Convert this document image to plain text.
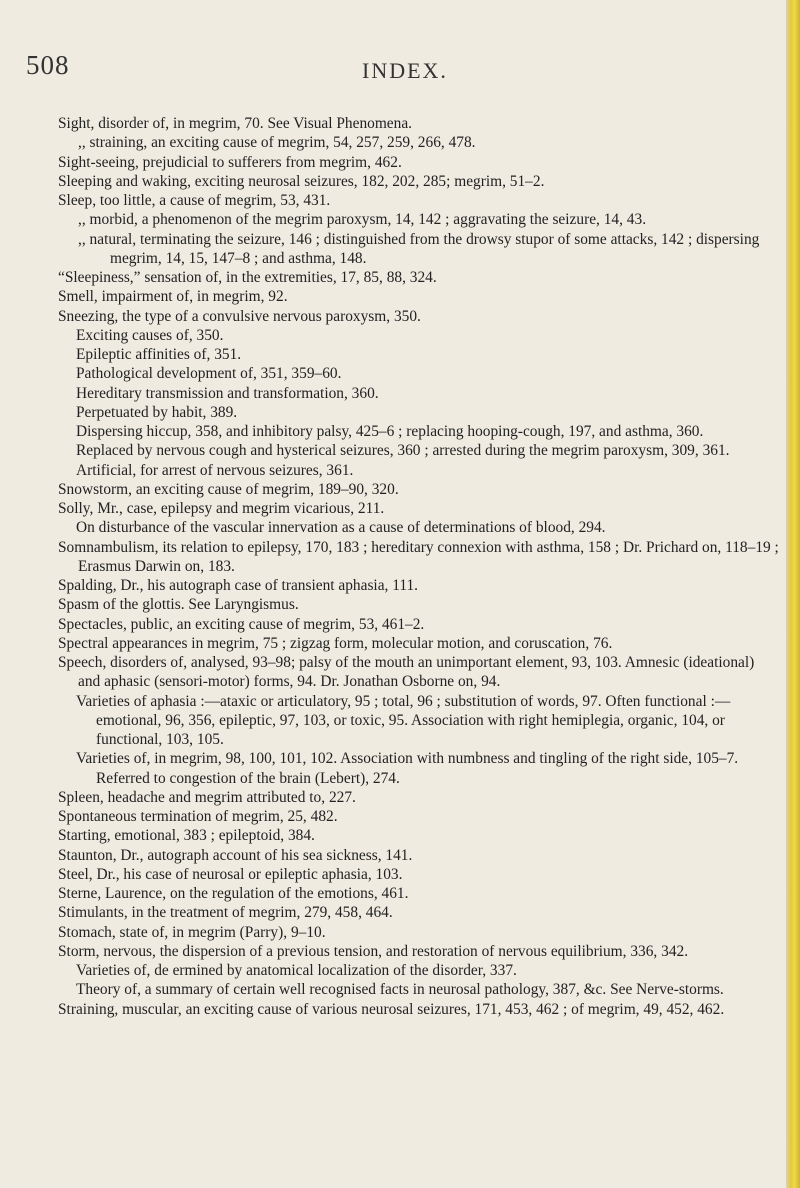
508	INDEX.

Sight, disorder of, in megrim, 70. See Visual Phenomena.

,, straining, an exciting cause of megrim, 54, 257, 259, 266, 478.

Sight-seeing, prejudicial to sufferers from megrim, 462.

Sleeping and waking, exciting neurosal seizures, 182, 202, 285; megrim, 51–2.

Sleep, too little, a cause of megrim, 53, 431.

,, morbid, a phenomenon of the megrim paroxysm, 14, 142 ; aggravating the seizure, 14, 43.

,, natural, terminating the seizure, 146 ; distinguished from the drowsy stupor of some attacks, 142 ; dispersing megrim, 14, 15, 147–8 ; and asthma, 148.

“Sleepiness,” sensation of, in the extremities, 17, 85, 88, 324.

Smell, impairment of, in megrim, 92.

Sneezing, the type of a convulsive nervous paroxysm, 350.

Exciting causes of, 350.

Epileptic affinities of, 351.

Pathological development of, 351, 359–60.

Hereditary transmission and transformation, 360.

Perpetuated by habit, 389.

Dispersing hiccup, 358, and inhibitory palsy, 425–6 ; replacing hooping-cough, 197, and asthma, 360.

Replaced by nervous cough and hysterical seizures, 360 ; arrested during the megrim paroxysm, 309, 361.

Artificial, for arrest of nervous seizures, 361.

Snowstorm, an exciting cause of megrim, 189–90, 320.

Solly, Mr., case, epilepsy and megrim vicarious, 211.

On disturbance of the vascular innervation as a cause of determinations of blood, 294.

Somnambulism, its relation to epilepsy, 170, 183 ; hereditary connexion with asthma, 158 ; Dr. Prichard on, 118–19 ; Erasmus Darwin on, 183.

Spalding, Dr., his autograph case of transient aphasia, 111.

Spasm of the glottis. See Laryngismus.

Spectacles, public, an exciting cause of megrim, 53, 461–2.

Spectral appearances in megrim, 75 ; zigzag form, molecular motion, and coruscation, 76.

Speech, disorders of, analysed, 93–98; palsy of the mouth an unimportant element, 93, 103. Amnesic (ideational) and aphasic (sensori-motor) forms, 94. Dr. Jonathan Osborne on, 94.

Varieties of aphasia :—ataxic or articulatory, 95 ; total, 96 ; substitution of words, 97. Often functional :—emotional, 96, 356, epileptic, 97, 103, or toxic, 95. Association with right hemiplegia, organic, 104, or functional, 103, 105.

Varieties of, in megrim, 98, 100, 101, 102. Association with numbness and tingling of the right side, 105–7. Referred to congestion of the brain (Lebert), 274.

Spleen, headache and megrim attributed to, 227.

Spontaneous termination of megrim, 25, 482.

Starting, emotional, 383 ; epileptoid, 384.

Staunton, Dr., autograph account of his sea sickness, 141.

Steel, Dr., his case of neurosal or epileptic aphasia, 103.

Sterne, Laurence, on the regulation of the emotions, 461.

Stimulants, in the treatment of megrim, 279, 458, 464.

Stomach, state of, in megrim (Parry), 9–10.

Storm, nervous, the dispersion of a previous tension, and restoration of nervous equilibrium, 336, 342.

Varieties of, de ermined by anatomical localization of the disorder, 337.

Theory of, a summary of certain well recognised facts in neurosal pathology, 387, &c. See Nerve-storms.

Straining, muscular, an exciting cause of various neurosal seizures, 171, 453, 462 ; of megrim, 49, 452, 462.
